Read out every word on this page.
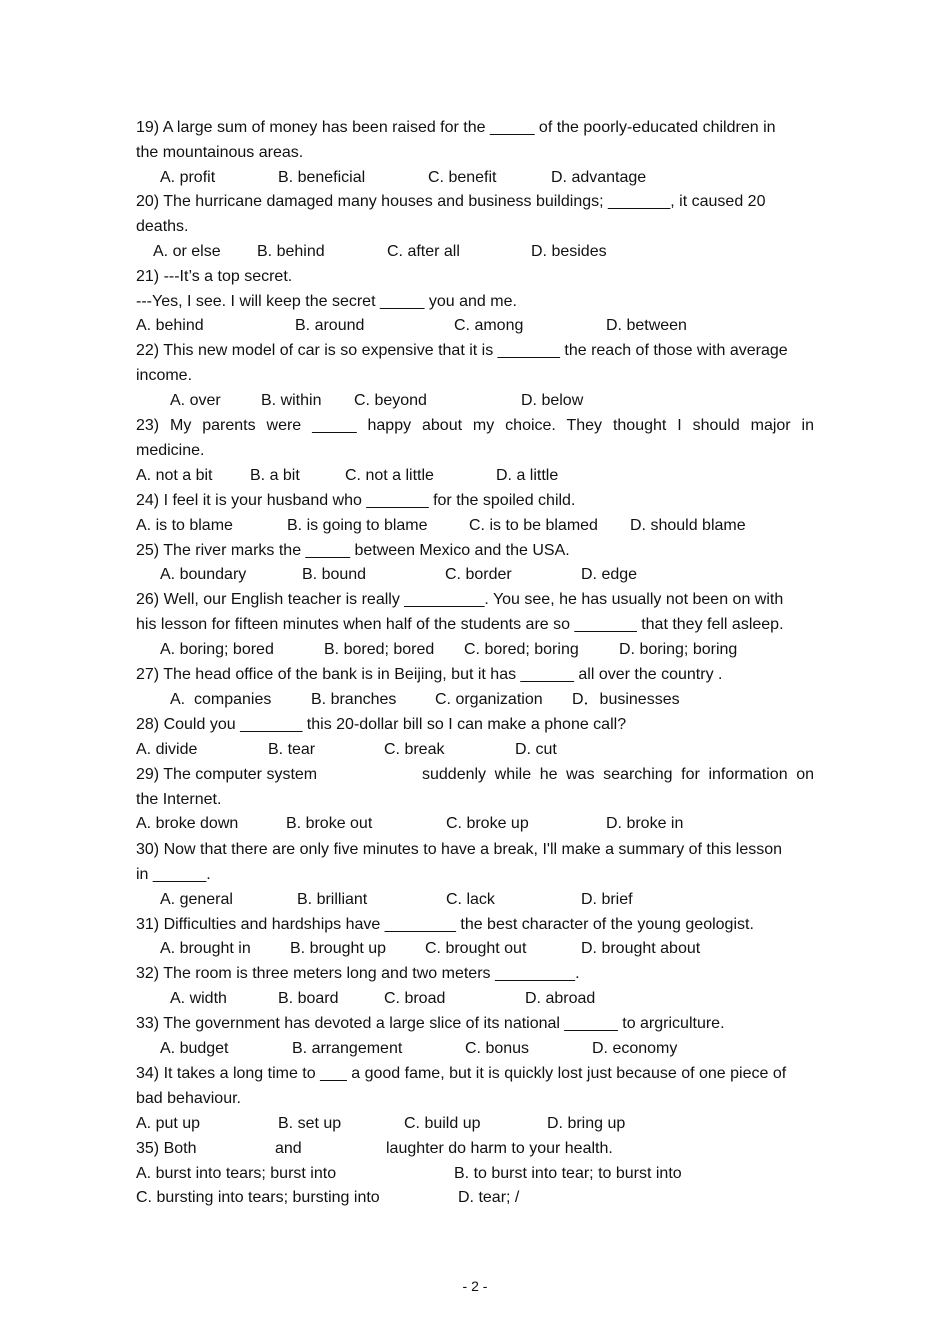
19) A large sum of money has been raised for the _____ of the poorly-educated children in
the mountainous areas.
A. profit	B. beneficial	C. benefit	D. advantage
20) The hurricane damaged many houses and business buildings; _______, it caused 20
deaths.
A. or else B. behind	C. after all	D. besides
21) ---It’s a top secret.
---Yes, I see. I will keep the secret _____ you and me.
A. behind	B. around	C. among	D. between
22) This new model of car is so expensive that it is _______ the reach of those with average
income.
A. over	B. within C. beyond	D. below
23) My parents were _____ happy about my choice. They thought I should major in
medicine.
A. not a bit B. a bit	C. not a little	D. a little
24) I feel it is your husband who _______ for the spoiled child.
A. is to blame	B. is going to blame	C. is to be blamed D. should blame
25) The river marks the _____ between Mexico and the USA.
A. boundary	B. bound	C. border	D. edge
26) Well, our English teacher is really _________. You see, he has usually not been on with
his lesson for fifteen minutes when half of the students are so _______ that they fell asleep.
A. boring; bored	B. bored; bored C. bored; boring	D. boring; boring
27) The head office of the bank is in Beijing, but it has ______ all over the country .
A.  companies B. branches C. organization D．businesses
28) Could you _______ this 20-dollar bill so I can make a phone call?
A. divide	B. tear	C. break	D. cut
29) The computer system	suddenly while he was searching for information on
the Internet.
A. broke down	B. broke out	C. broke up	D. broke in
30) Now that there are only five minutes to have a break, I'll make a summary of this lesson
in ______.
A. general	B. brilliant	C. lack	D. brief
31) Difficulties and hardships have ________ the best character of the young geologist.
A. brought in B. brought up C. brought out	D. brought about
32) The room is three meters long and two meters _________.
A. width	B. board	C. broad	D. abroad
33) The government has devoted a large slice of its national ______ to argriculture.
A. budget	B. arrangement	C. bonus	D. economy
34) It takes a long time to ___ a good fame, but it is quickly lost just because of one piece of
bad behaviour.
A. put up	B. set up	C. build up	D. bring up
35) Both	and	laughter do harm to your health.
A. burst into tears; burst into	B. to burst into tear; to burst into
C. bursting into tears; bursting into	D. tear; /
- 2 -
